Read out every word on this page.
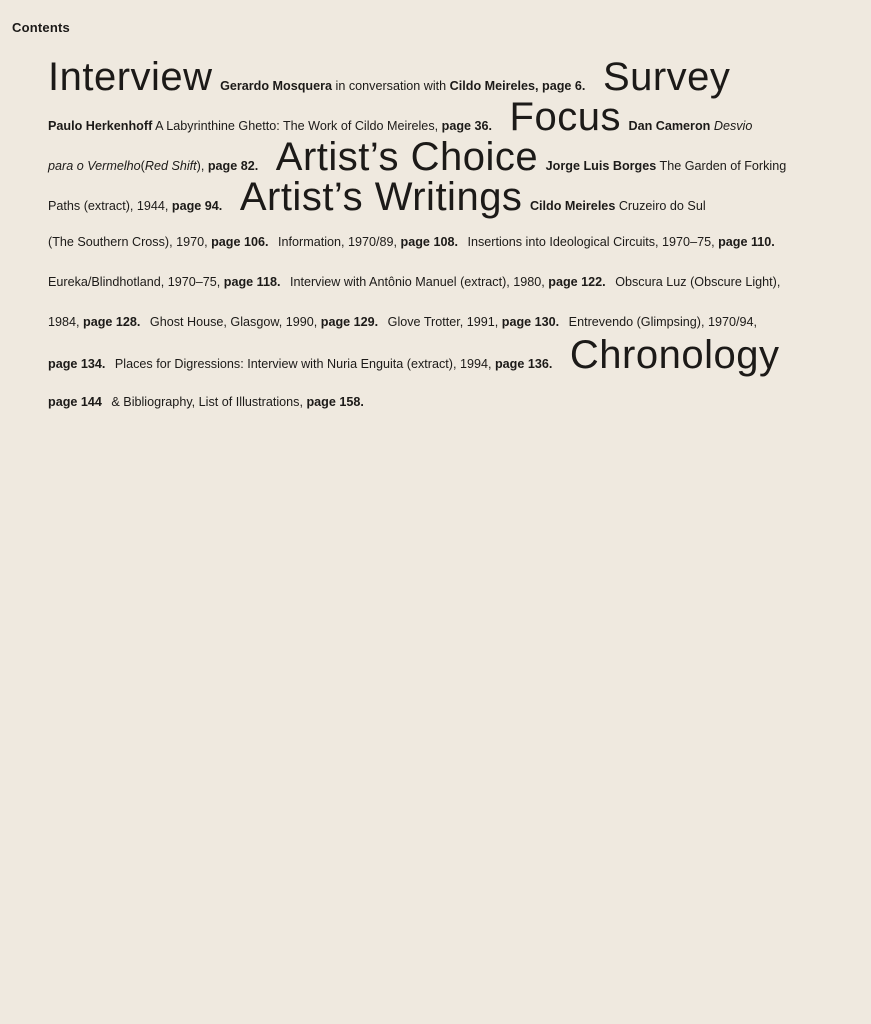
Contents
Interview Gerardo Mosquera in conversation with Cildo Meireles, page 6. Survey
Paulo Herkenhoff A Labyrinthine Ghetto: The Work of Cildo Meireles, page 36. Focus Dan Cameron Desvio
para o Vermelho(Red Shift), page 82. Artist’s Choice Jorge Luis Borges The Garden of Forking
Paths (extract), 1944, page 94. Artist’s Writings Cildo Meireles Cruzeiro do Sul
(The Southern Cross), 1970, page 106. Information, 1970/89, page 108. Insertions into Ideological Circuits, 1970–75, page 110.
Eureka/Blindhotland, 1970–75, page 118. Interview with Antônio Manuel (extract), 1980, page 122. Obscura Luz (Obscure Light),
1984, page 128. Ghost House, Glasgow, 1990, page 129. Glove Trotter, 1991, page 130. Entrevendo (Glimpsing), 1970/94,
page 134. Places for Digressions: Interview with Nuria Enguita (extract), 1994, page 136. Chronology
page 144 & Bibliography, List of Illustrations, page 158.
